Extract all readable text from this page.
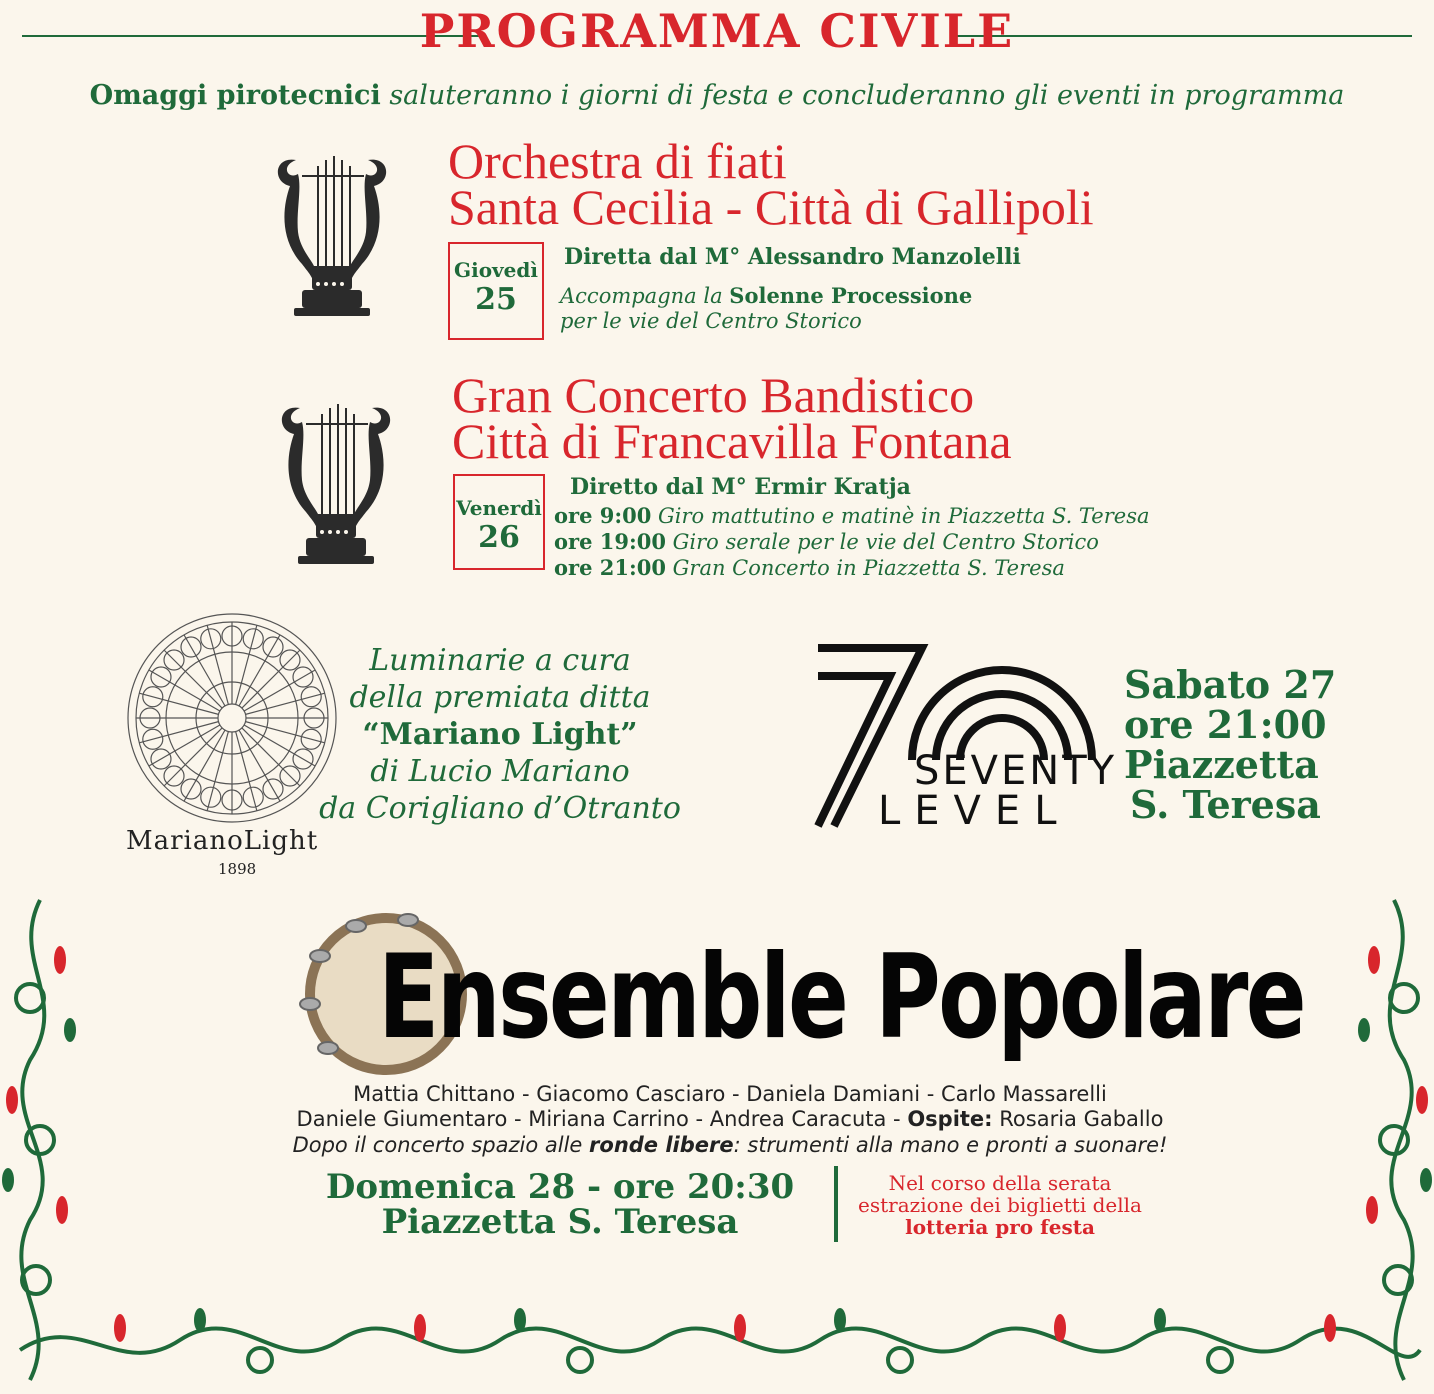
PROGRAMMA CIVILE
Omaggi pirotecnici saluteranno i giorni di festa e concluderanno gli eventi in programma
Orchestra di fiati
Santa Cecilia - Città di Gallipoli
Giovedì
25
Diretta dal M° Alessandro Manzolelli
Accompagna la Solenne Processione
per le vie del Centro Storico
Gran Concerto Bandistico
Città di Francavilla Fontana
Venerdì
26
Diretto dal M° Ermir Kratja
ore 9:00 Giro mattutino e matinè in Piazzetta S. Teresa
ore 19:00 Giro serale per le vie del Centro Storico
ore 21:00 Gran Concerto in Piazzetta S. Teresa
MarianoLight
1898
Luminarie a cura
della premiata ditta
“Mariano Light”
di Lucio Mariano
da Corigliano d’Otranto
SEVENTY
LEVEL
Sabato 27
ore 21:00
Piazzetta
S. Teresa
Ensemble Popolare
Mattia Chittano - Giacomo Casciaro - Daniela Damiani - Carlo Massarelli
Daniele Giumentaro - Miriana Carrino - Andrea Caracuta - Ospite: Rosaria Gaballo
Dopo il concerto spazio alle ronde libere: strumenti alla mano e pronti a suonare!
Domenica 28 - ore 20:30
Piazzetta S. Teresa
Nel corso della serata
estrazione dei biglietti della
lotteria pro festa
